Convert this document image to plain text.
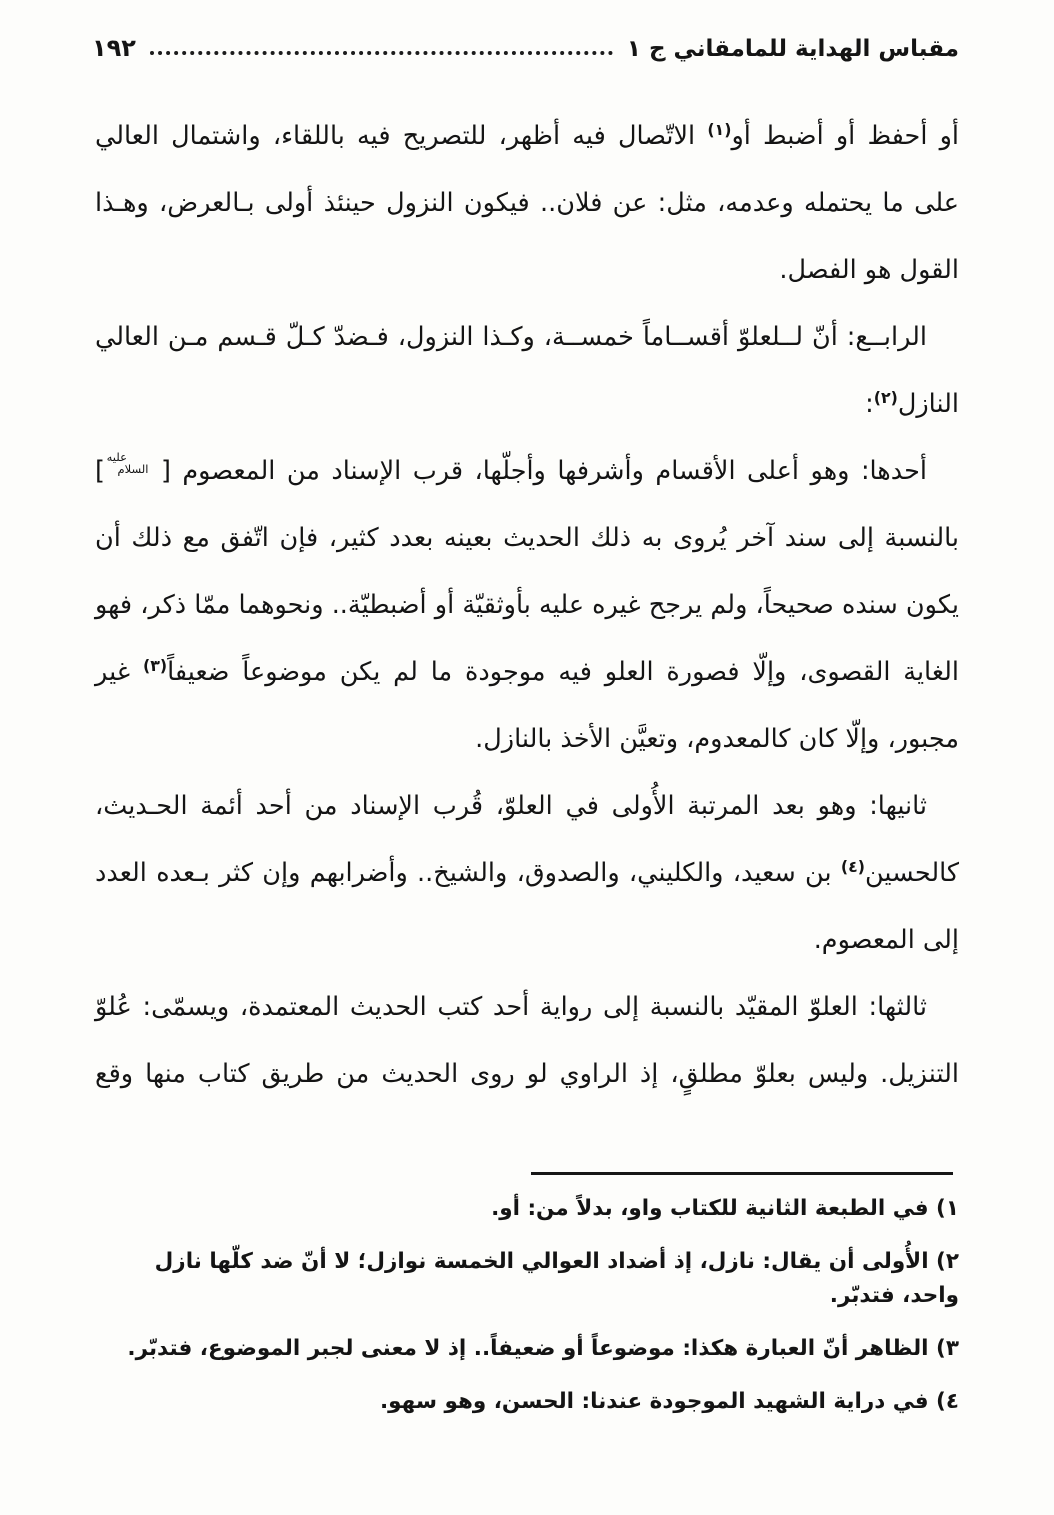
مقباس الهداية للمامقاني ج ١
١٩٢

أو أحفظ أو أضبط أو$^{(١)}$ الاتّصال فيه أظهر، للتصريح فيه باللقاء، واشتمال العالي على ما يحتمله وعدمه، مثل: عن فلان.. فيكون النزول حينئذ أولى بـالعرض، وهـذا القول هو الفصل.

الرابــع: أنّ لــلعلوّ أقســاماً خمســة، وكـذا النزول، فـضدّ كـلّ قـسم مـن العالي النازل$^{(٢)}$:

أحدها: وهو أعلى الأقسام وأشرفها وأجلّها، قرب الإسناد من المعصوم [عليه السلام] بالنسبة إلى سند آخر يُروى به ذلك الحديث بعينه بعدد كثير، فإن اتّفق مع ذلك أن يكون سنده صحيحاً، ولم يرجح غيره عليه بأوثقيّة أو أضبطيّة.. ونحوهما ممّا ذكر، فهو الغاية القصوى، وإلّا فصورة العلو فيه موجودة ما لم يكن موضوعاً ضعيفاً$^{(٣)}$ غير مجبور، وإلّا كان كالمعدوم، وتعيَّن الأخذ بالنازل.

ثانيها: وهو بعد المرتبة الأُولى في العلوّ، قُرب الإسناد من أحد أئمة الحـديث، كالحسين$^{(٤)}$ بن سعيد، والكليني، والصدوق، والشيخ.. وأضرابهم وإن كثر بـعده العدد إلى المعصوم.

ثالثها: العلوّ المقيّد بالنسبة إلى رواية أحد كتب الحديث المعتمدة، ويسمّى: عُلوّ التنزيل. وليس بعلوّ مطلقٍ، إذ الراوي لو روى الحديث من طريق كتاب منها وقع

١) في الطبعة الثانية للكتاب واو، بدلاً من: أو.
٢) الأُولى أن يقال: نازل، إذ أضداد العوالي الخمسة نوازل؛ لا أنّ ضد كلّها نازل واحد، فتدبّر.
٣) الظاهر أنّ العبارة هكذا: موضوعاً أو ضعيفاً.. إذ لا معنى لجبر الموضوع، فتدبّر.
٤) في دراية الشهيد الموجودة عندنا: الحسن، وهو سهو.
